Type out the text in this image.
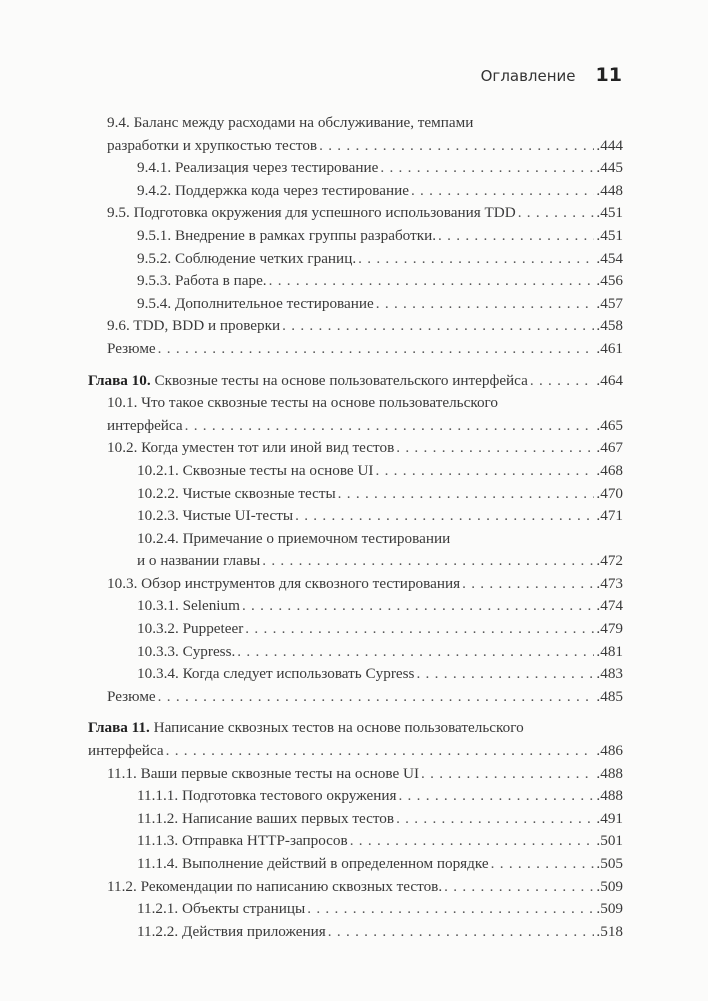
Оглавление 11
9.4. Баланс между расходами на обслуживание, темпами
разработки и хрупкостью тестов . . .	.444
9.4.1. Реализация через тестирование . . .	.445
9.4.2. Поддержка кода через тестирование . . .	.448
9.5. Подготовка окружения для успешного использования TDD . . .	.451
9.5.1. Внедрение в рамках группы разработки. . . .	.451
9.5.2. Соблюдение четких границ. . . .	.454
9.5.3. Работа в паре. . . .	.456
9.5.4. Дополнительное тестирование . . .	.457
9.6. TDD, BDD и проверки . . .	.458
Резюме . . .	.461
Глава 10. Сквозные тесты на основе пользовательского интерфейса . . .	.464
10.1. Что такое сквозные тесты на основе пользовательского
интерфейса . . .	.465
10.2. Когда уместен тот или иной вид тестов . . .	.467
10.2.1. Сквозные тесты на основе UI . . .	.468
10.2.2. Чистые сквозные тесты . . .	.470
10.2.3. Чистые UI-тесты . . .	.471
10.2.4. Примечание о приемочном тестировании
и о названии главы . . .	.472
10.3. Обзор инструментов для сквозного тестирования . . .	.473
10.3.1. Selenium . . .	.474
10.3.2. Puppeteer . . .	.479
10.3.3. Cypress. . . .	.481
10.3.4. Когда следует использовать Cypress . . .	.483
Резюме . . .	.485
Глава 11. Написание сквозных тестов на основе пользовательского
интерфейса . . .	.486
11.1. Ваши первые сквозные тесты на основе UI . . .	.488
11.1.1. Подготовка тестового окружения . . .	.488
11.1.2. Написание ваших первых тестов . . .	.491
11.1.3. Отправка HTTP-запросов . . .	.501
11.1.4. Выполнение действий в определенном порядке . . .	.505
11.2. Рекомендации по написанию сквозных тестов. . . .	.509
11.2.1. Объекты страницы . . .	.509
11.2.2. Действия приложения . . .	.518
